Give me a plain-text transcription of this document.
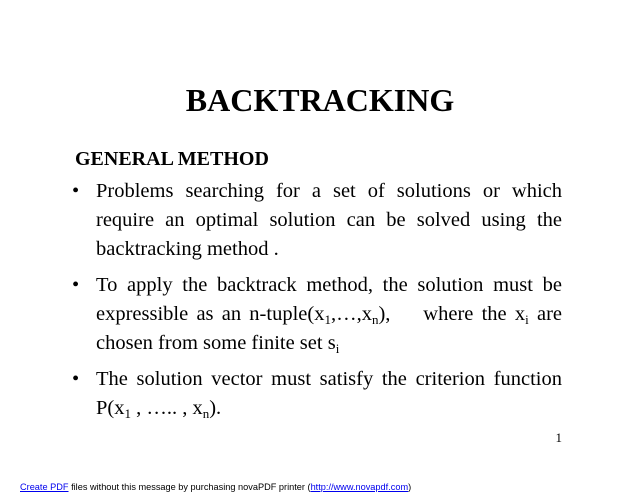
BACKTRACKING
GENERAL METHOD
• Problems searching for a set of solutions or which require an optimal solution can be solved using the backtracking method .
• To apply the backtrack method, the solution must be expressible as an $n-tuple(x_1,\dots,x_n)$,    where the $x_i$ are chosen from some finite set $s_i$
• The solution vector must satisfy the criterion function $P(x_1$ , ….. , $x_n$).

1

Create PDF files without this message by purchasing novaPDF printer (http://www.novapdf.com)
